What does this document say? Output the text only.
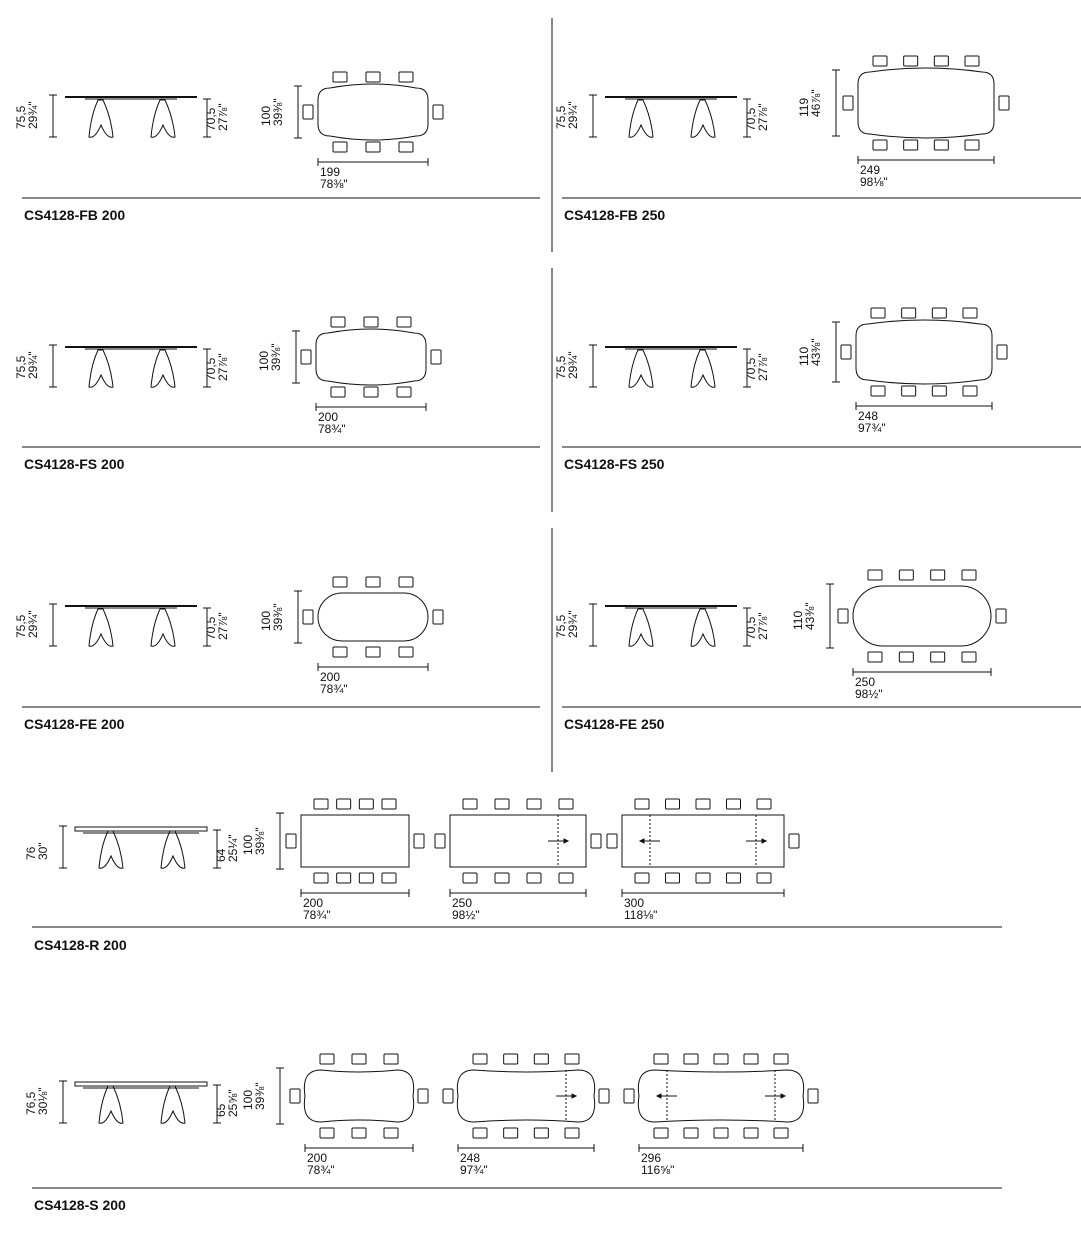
75,5
29¾"	70,5
27⅞" 100
39⅜"
199
78⅜"
CS4128-FB 200
75,5
29¾"	70,5
27⅞" 119
46⅞"
249
98⅛"
CS4128-FB 250
75,5
29¾"	70,5
27⅞" 100
39⅜"
200
78¾"
CS4128-FS 200
75,5
29¾"	70,5
27⅞" 110
43⅜"
248
97¾"
CS4128-FS 250
75,5
29¾"	70,5
27⅞" 100
39⅜"
200
78¾"
CS4128-FE 200
75,5
29¾"	70,5
27⅞" 110
43⅜"
250
98½"
CS4128-FE 250
76
30"	64
25¼" 100
39⅜"
200
78¾"
250
98½"
300
118⅛"
CS4128-R 200
76,5
30⅛"	65
25⅝" 100
39⅜"
200
78¾"
248
97¾"
296
116⅝"
CS4128-S 200
